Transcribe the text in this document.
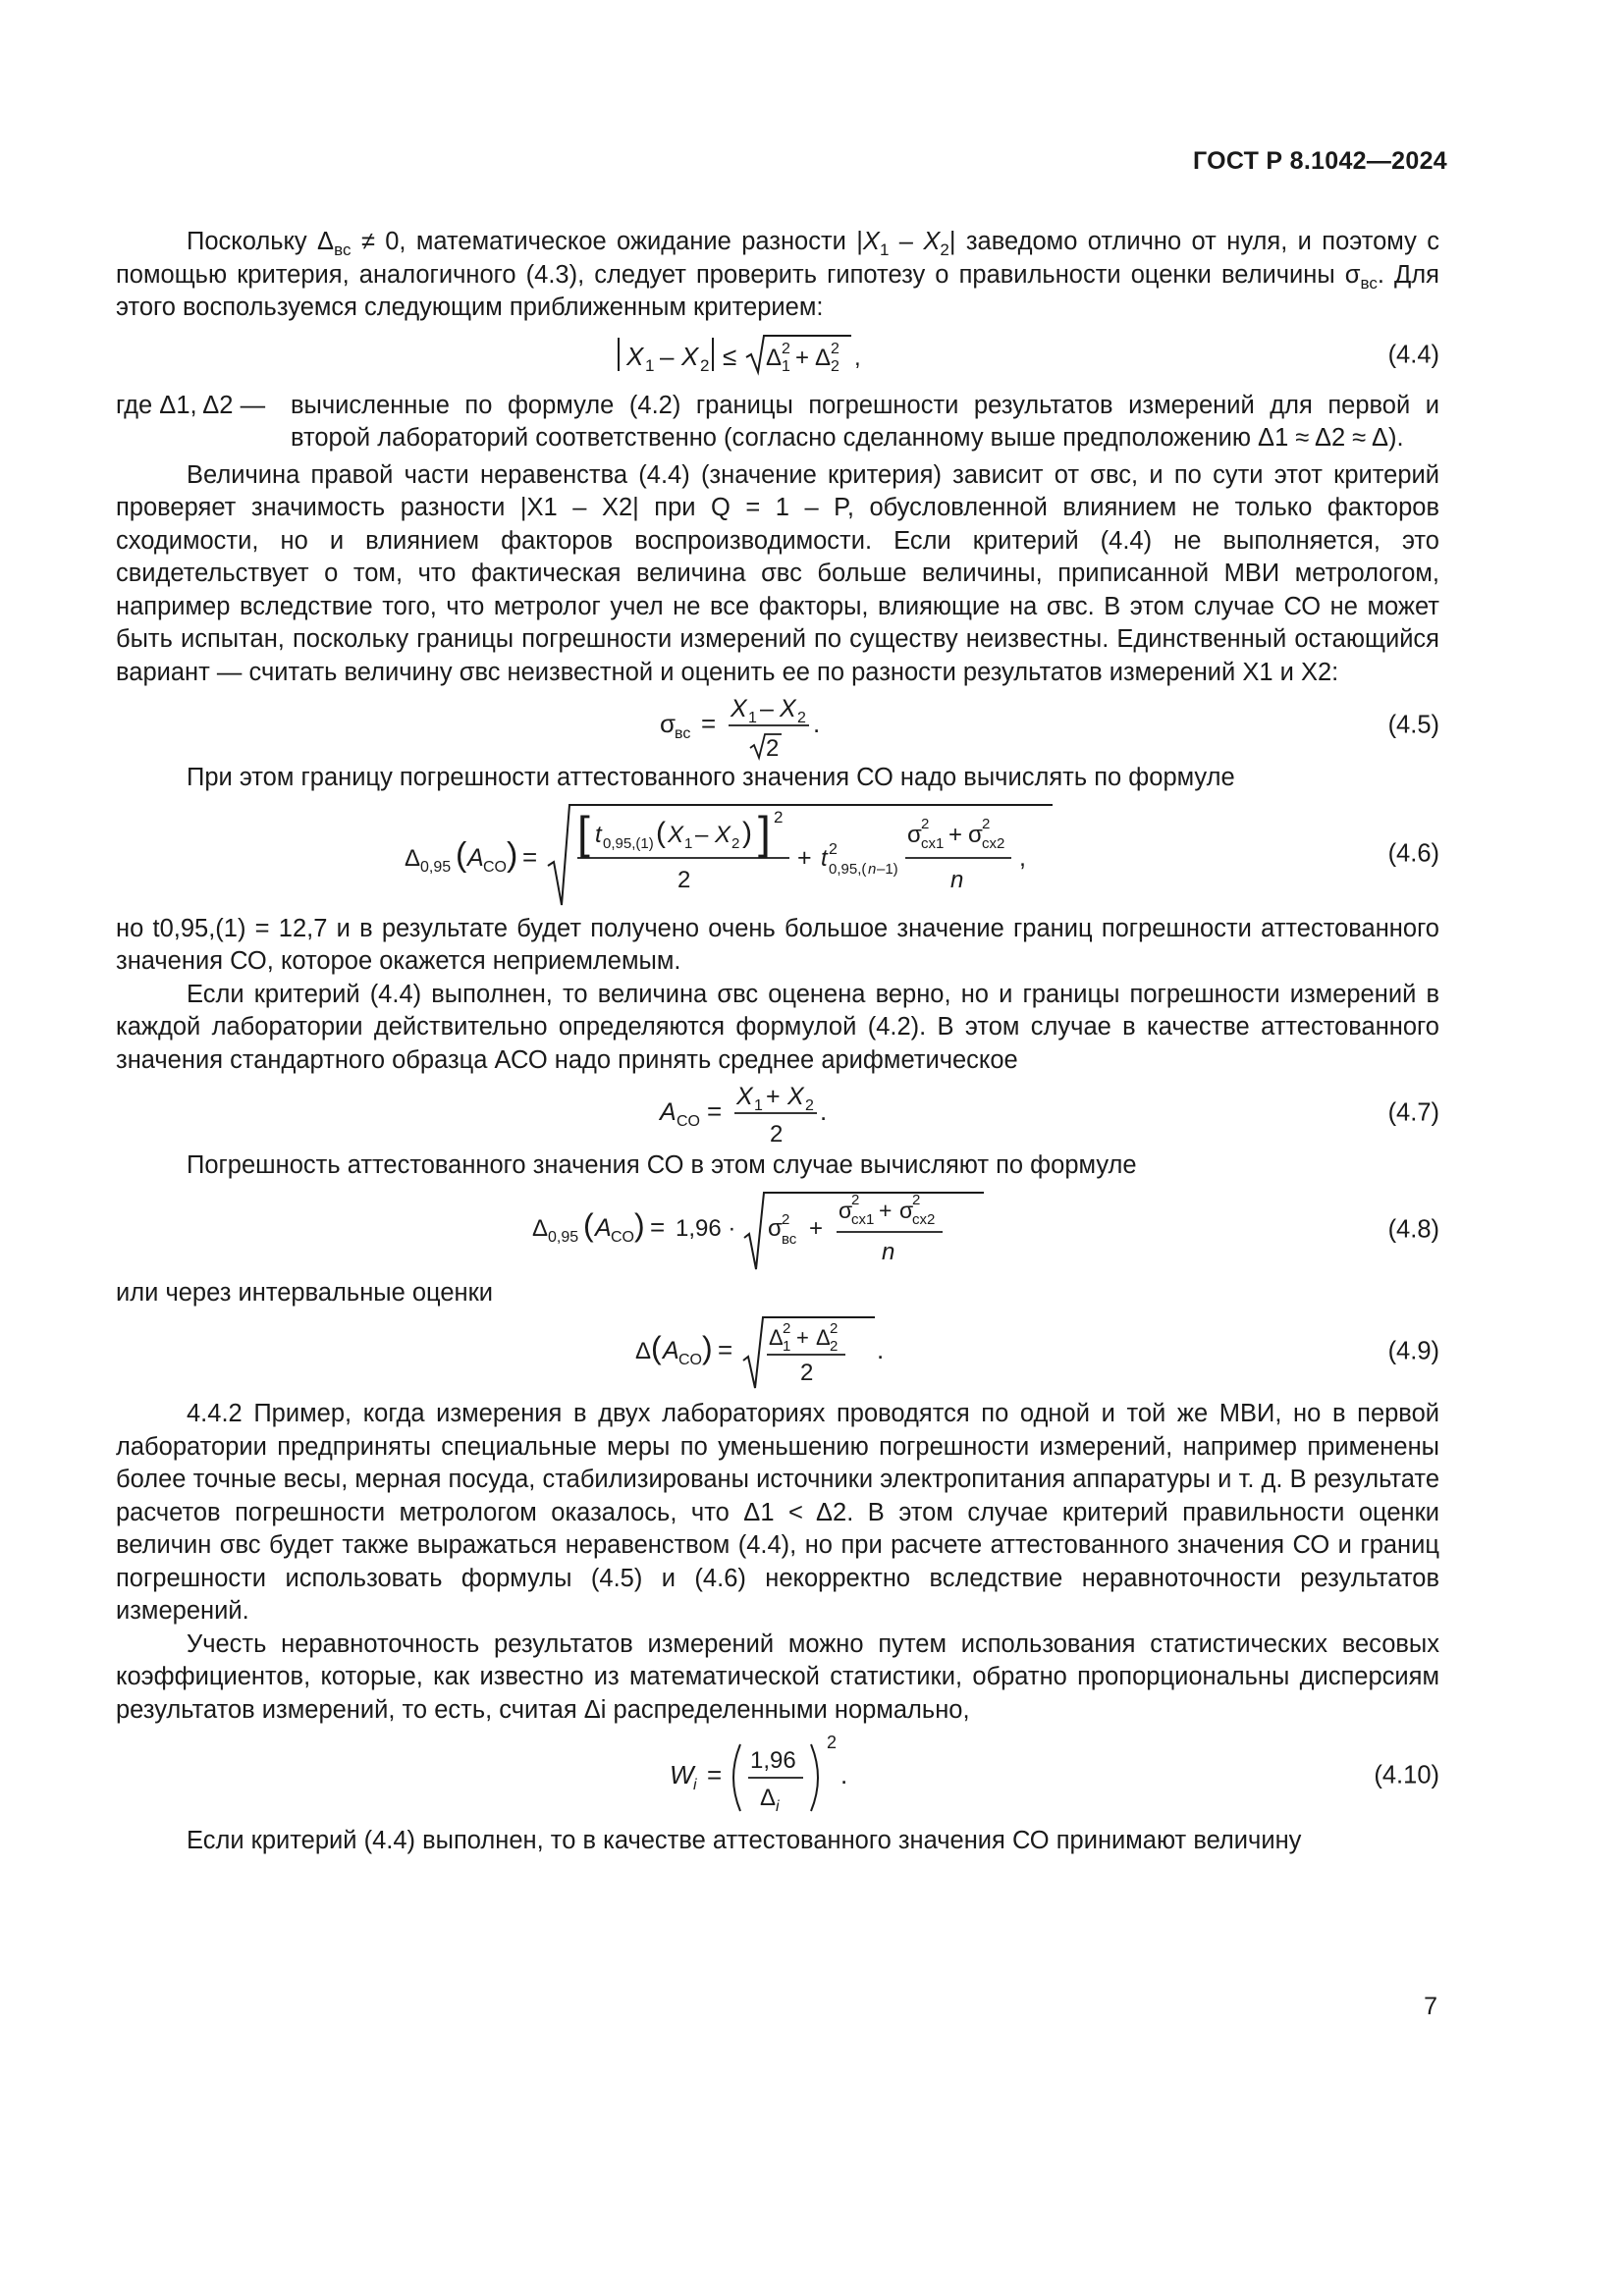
ГОСТ Р 8.1042—2024

Поскольку $\Delta_{вс} \ne 0$, математическое ожидание разности $|X_1 - X_2|$ заведомо отлично от нуля, и поэтому с помощью критерия, аналогичного (4.3), следует проверить гипотезу о правильности оценки величины $\sigma_{вс}$. Для этого воспользуемся следующим приближенным критерием:

X 1 – X 2 ≤ Δ 1
2 + Δ 2
2 ,	(4.4)
где Δ1, Δ2 —	вычисленные по формуле (4.2) границы погрешности результатов измерений для первой и второй лабораторий соответственно (согласно сделанному выше предположению Δ1 ≈ Δ2 ≈ Δ).

Величина правой части неравенства (4.4) (значение критерия) зависит от σвс, и по сути этот критерий проверяет значимость разности |X1 – X2| при Q = 1 – P, обусловленной влиянием не только факторов сходимости, но и влиянием факторов воспроизводимости. Если критерий (4.4) не выполняется, это свидетельствует о том, что фактическая величина σвс больше величины, приписанной МВИ метрологом, например вследствие того, что метролог учел не все факторы, влияющие на σвс. В этом случае СО не может быть испытан, поскольку границы погрешности измерений по существу неизвестны. Единственный остающийся вариант — считать величину σвс неизвестной и оценить ее по разности результатов измерений X1 и X2:

σ
вс = X 1 – X 2
2
.	(4.5)

При этом границу погрешности аттестованного значения СО надо вычислять по формуле

Δ 0,95 ( A CO ) = [ t 0,95,(1) ( X 1 – X 2 ) ] 2
2
+ t 2
0,95,( n –1)
σ 2
сх1 + σ 2
сх2
n
,	(4.6)

но t0,95,(1) = 12,7 и в результате будет получено очень большое значение границ погрешности аттестованного значения СО, которое окажется неприемлемым.

Если критерий (4.4) выполнен, то величина σвс оценена верно, но и границы погрешности измерений в каждой лаборатории действительно определяются формулой (4.2). В этом случае в качестве аттестованного значения стандартного образца АСО надо принять среднее арифметическое

A CO = X 1 + X 2
2
.	(4.7)

Погрешность аттестованного значения СО в этом случае вычисляют по формуле

Δ 0,95 ( A CO ) = 1,96 · σ 2
вс +
σ
2
сх1 + σ
2
сх2
n
(4.8)

или через интервальные оценки

Δ ( A CO ) = Δ 1
2 + Δ 2
2
2
.	(4.9)

4.4.2 Пример, когда измерения в двух лабораториях проводятся по одной и той же МВИ, но в первой лаборатории предприняты специальные меры по уменьшению погрешности измерений, например применены более точные весы, мерная посуда, стабилизированы источники электропитания аппаратуры и т. д. В результате расчетов погрешности метрологом оказалось, что Δ1 < Δ2. В этом случае критерий правильности оценки величин σвс будет также выражаться неравенством (4.4), но при расчете аттестованного значения СО и границ погрешности использовать формулы (4.5) и (4.6) некорректно вследствие неравноточности результатов измерений.

Учесть неравноточность результатов измерений можно путем использования статистических весовых коэффициентов, которые, как известно из математической статистики, обратно пропорциональны дисперсиям результатов измерений, то есть, считая Δi распределенными нормально,

W i = 1,96
Δ i
2
.	(4.10)

Если критерий (4.4) выполнен, то в качестве аттестованного значения СО принимают величину

7
